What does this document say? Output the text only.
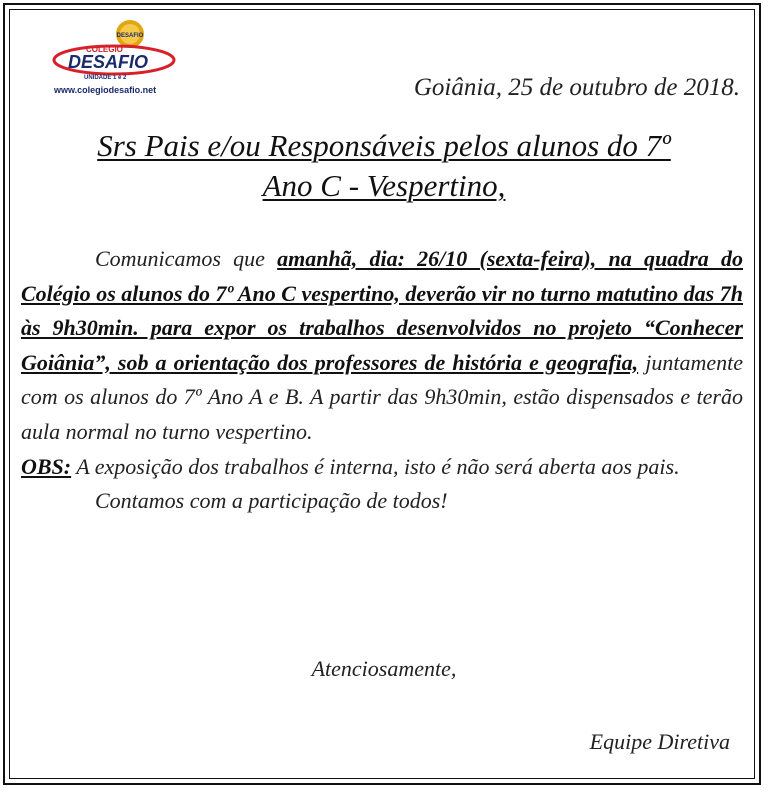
DESAFIO
COLÉGIO
DESAFIO
UNIDADE 1 e 2
www.colegiodesafio.net	Goiânia, 25 de outubro de 2018.
Srs Pais e/ou Responsáveis pelos alunos do 7º
Ano C - Vespertino,

Comunicamos que amanhã, dia: 26/10 (sexta-feira), na quadra do Colégio os alunos do 7º Ano C vespertino, deverão vir no turno matutino das 7h às 9h30min. para expor os trabalhos desenvolvidos no projeto “Conhecer Goiânia”, sob a orientação dos professores de história e geografia, juntamente com os alunos do 7º Ano A e B. A partir das 9h30min, estão dispensados e terão aula normal no turno vespertino.

OBS: A exposição dos trabalhos é interna, isto é não será aberta aos pais.

Contamos com a participação de todos!

Atenciosamente,
Equipe Diretiva
